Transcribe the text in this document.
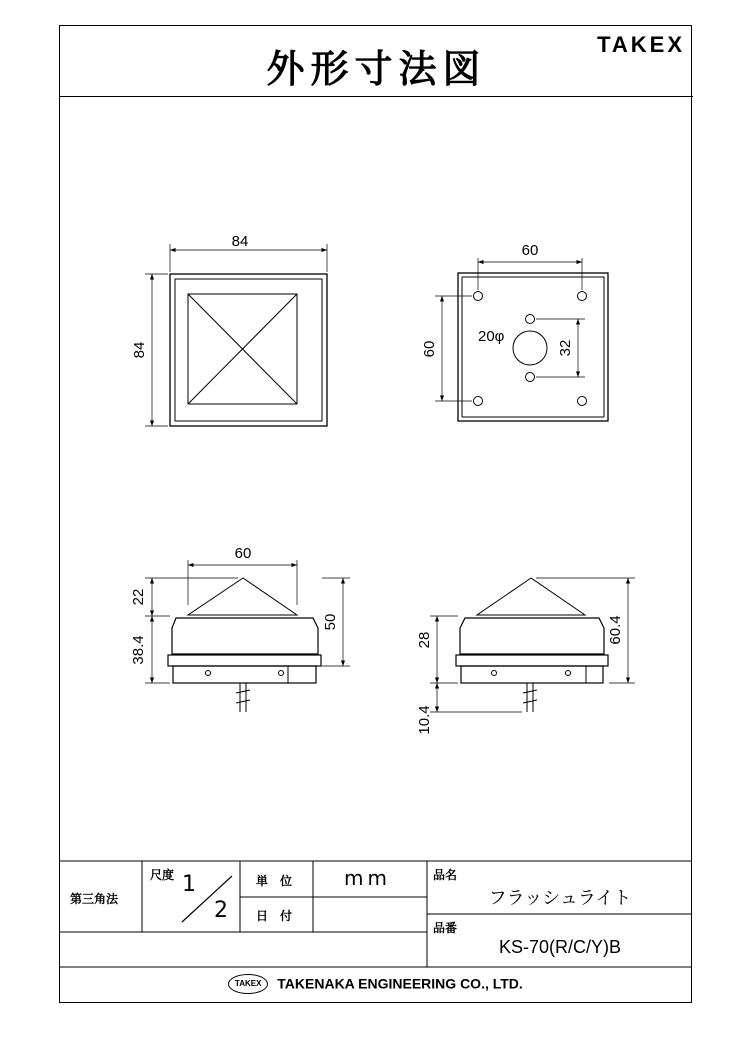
外形寸法図
TAKEX
84
84
60
60
20φ
32
60
22
38.4
50
28	60.4
10.4
第三角法
尺度 1
2
単　位	mm
日　付
品名
フラッシュライト
品番
KS-70(R/C/Y)B
TAKEX TAKENAKA ENGINEERING CO., LTD.
